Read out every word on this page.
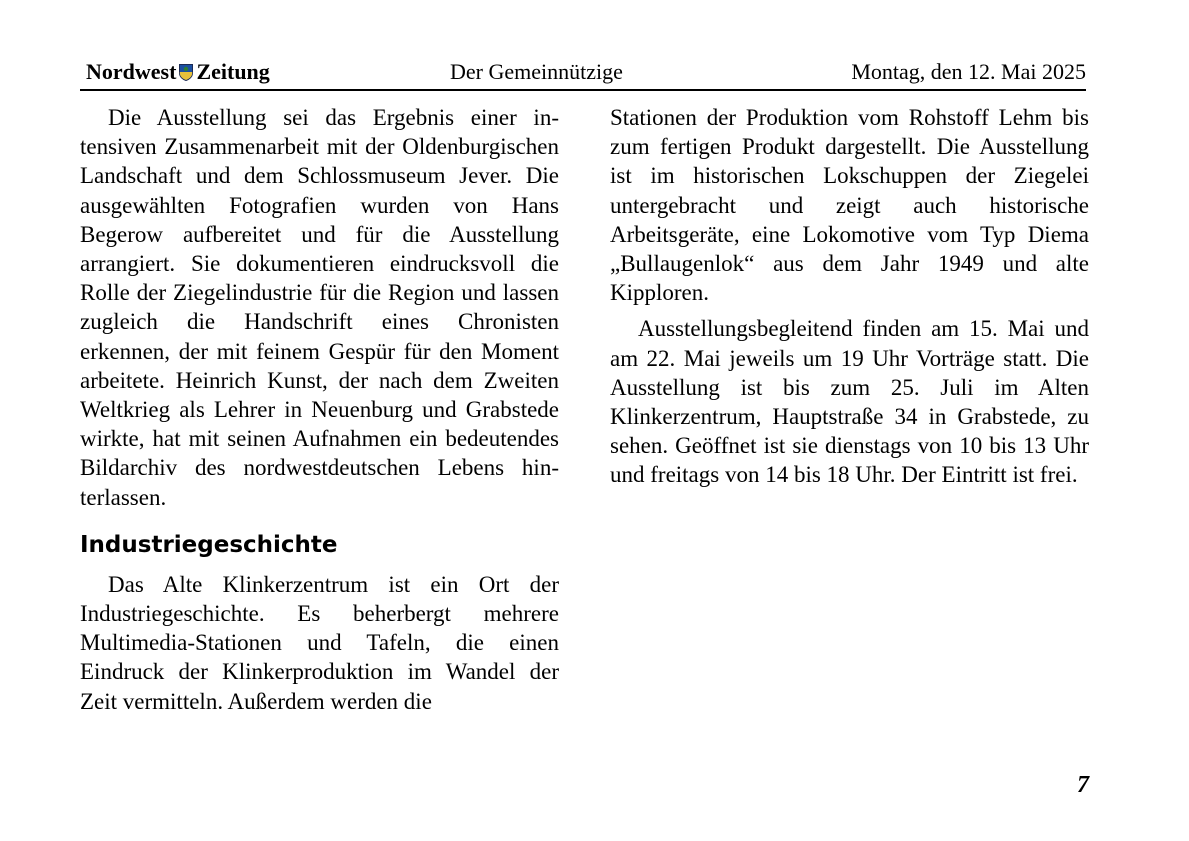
Nordwest Zeitung	Der Gemeinnützige	Montag, den 12. Mai 2025

Die Ausstellung sei das Ergebnis einer intensiven Zusammenarbeit mit der Oldenburgischen Landschaft und dem Schlossmuseum Jever. Die ausgewählten Fotografien wurden von Hans Begerow aufbereitet und für die Ausstellung arrangiert. Sie dokumentieren eindrucksvoll die Rolle der Ziegelindustrie für die Region und lassen zugleich die Handschrift eines Chronisten erkennen, der mit feinem Gespür für den Moment arbeitete. Heinrich Kunst, der nach dem Zweiten Weltkrieg als Lehrer in Neuenburg und Grabstede wirkte, hat mit seinen Aufnahmen ein bedeutendes Bildarchiv des nordwestdeutschen Lebens hinterlassen.

Industriegeschichte

Das Alte Klinkerzentrum ist ein Ort der Industriegeschichte. Es beherbergt mehrere Multimedia-Stationen und Tafeln, die einen Eindruck der Klinkerproduktion im Wandel der Zeit vermitteln. Außerdem werden die

Stationen der Produktion vom Rohstoff Lehm bis zum fertigen Produkt dargestellt. Die Ausstellung ist im historischen Lokschuppen der Ziegelei untergebracht und zeigt auch historische Arbeitsgeräte, eine Lokomotive vom Typ Diema „Bullaugenlok“ aus dem Jahr 1949 und alte Kipploren.

Ausstellungsbegleitend finden am 15. Mai und am 22. Mai jeweils um 19 Uhr Vorträge statt. Die Ausstellung ist bis zum 25. Juli im Alten Klinkerzentrum, Hauptstraße 34 in Grabstede, zu sehen. Geöffnet ist sie dienstags von 10 bis 13 Uhr und freitags von 14 bis 18 Uhr. Der Eintritt ist frei.

7
